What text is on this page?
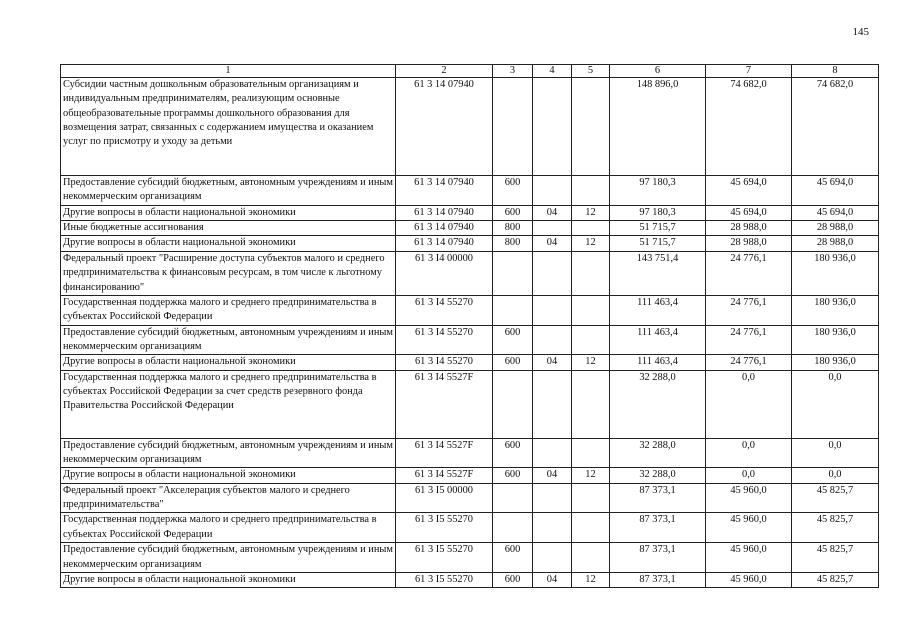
145
1	2	3	4	5	6	7	8
Субсидии частным дошкольным образовательным организациям и индивидуальным предпринимателям, реализующим основные общеобразовательные программы дошкольного образования для возмещения затрат, связанных с содержанием имущества и оказанием услуг по присмотру и уходу за детьми	61 3 14 07940				148 896,0	74 682,0	74 682,0
Предоставление субсидий бюджетным, автономным учреждениям и иным некоммерческим организациям	61 3 14 07940	600			97 180,3	45 694,0	45 694,0
Другие вопросы в области национальной экономики	61 3 14 07940	600	04	12	97 180,3	45 694,0	45 694,0
Иные бюджетные ассигнования	61 3 14 07940	800			51 715,7	28 988,0	28 988,0
Другие вопросы в области национальной экономики	61 3 14 07940	800	04	12	51 715,7	28 988,0	28 988,0
Федеральный проект "Расширение доступа субъектов малого и среднего предпринимательства к финансовым ресурсам, в том числе к льготному финансированию"	61 3 I4 00000				143 751,4	24 776,1	180 936,0
Государственная поддержка малого и среднего предпринимательства в субъектах Российской Федерации	61 3 I4 55270				111 463,4	24 776,1	180 936,0
Предоставление субсидий бюджетным, автономным учреждениям и иным некоммерческим организациям	61 3 I4 55270	600			111 463,4	24 776,1	180 936,0
Другие вопросы в области национальной экономики	61 3 I4 55270	600	04	12	111 463,4	24 776,1	180 936,0
Государственная поддержка малого и среднего предпринимательства в субъектах Российской Федерации за счет средств резервного фонда Правительства Российской Федерации	61 3 I4 5527F				32 288,0	0,0	0,0
Предоставление субсидий бюджетным, автономным учреждениям и иным некоммерческим организациям	61 3 I4 5527F	600			32 288,0	0,0	0,0
Другие вопросы в области национальной экономики	61 3 I4 5527F	600	04	12	32 288,0	0,0	0,0
Федеральный проект "Акселерация субъектов малого и среднего предпринимательства"	61 3 I5 00000				87 373,1	45 960,0	45 825,7
Государственная поддержка малого и среднего предпринимательства в субъектах Российской Федерации	61 3 I5 55270				87 373,1	45 960,0	45 825,7
Предоставление субсидий бюджетным, автономным учреждениям и иным некоммерческим организациям	61 3 I5 55270	600			87 373,1	45 960,0	45 825,7
Другие вопросы в области национальной экономики	61 3 I5 55270	600	04	12	87 373,1	45 960,0	45 825,7
